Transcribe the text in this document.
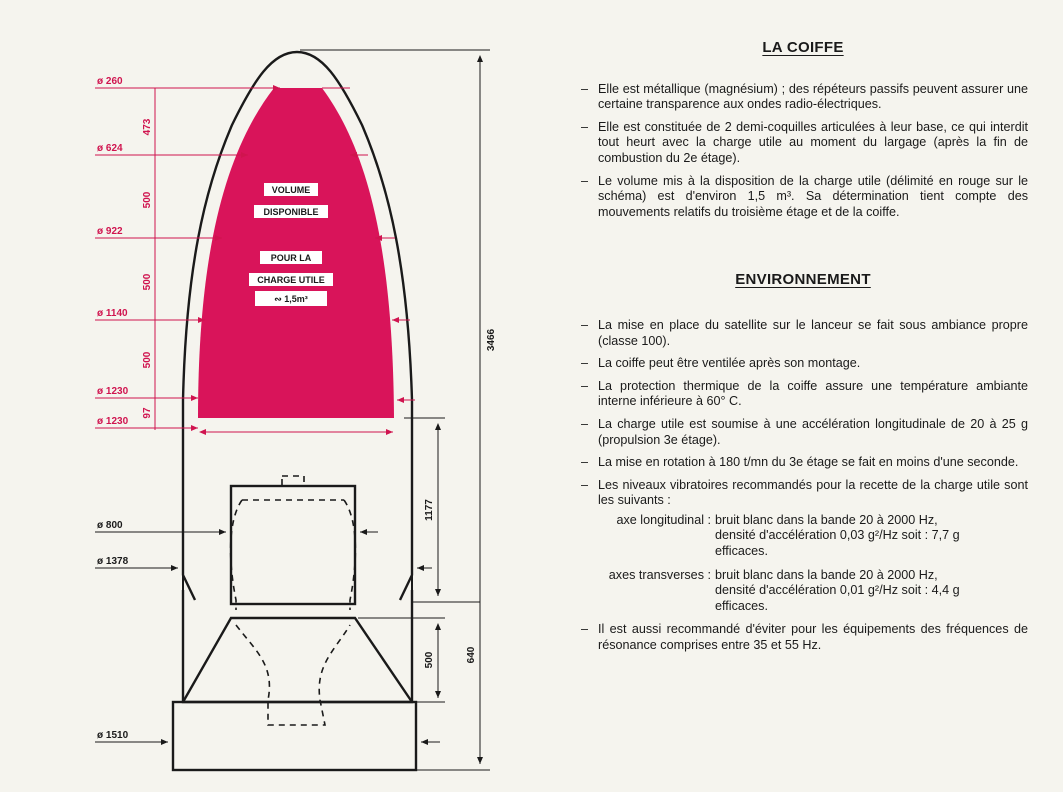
ø 260
ø 624
ø 922
ø 1140
ø 1230
ø 1230
473
500
500
500
97
VOLUME
DISPONIBLE
POUR LA
CHARGE UTILE
∾ 1,5m³
3466
1177
640
500
ø 800
ø 1378
ø 1510
LA COIFFE
– Elle est métallique (magnésium) ; des répéteurs passifs peuvent assurer une certaine transparence aux ondes radio-électriques.
– Elle est constituée de 2 demi-coquilles articulées à leur base, ce qui interdit tout heurt avec la charge utile au moment du largage (après la fin de combustion du 2e étage).
– Le volume mis à la disposition de la charge utile (délimité en rouge sur le schéma) est d'environ 1,5 m³. Sa détermination tient compte des mouvements relatifs du troisième étage et de la coiffe.
ENVIRONNEMENT
– La mise en place du satellite sur le lanceur se fait sous ambiance propre (classe 100).
– La coiffe peut être ventilée après son montage.
– La protection thermique de la coiffe assure une température ambiante interne inférieure à 60° C.
– La charge utile est soumise à une accélération longitudinale de 20 à 25 g (propulsion 3e étage).
– La mise en rotation à 180 t/mn du 3e étage se fait en moins d'une seconde.
– Les niveaux vibratoires recommandés pour la recette de la charge utile sont les suivants :
axe longitudinal : bruit blanc dans la bande 20 à 2000 Hz, densité d'accélération 0,03 g²/Hz soit : 7,7 g efficaces.
axes transverses : bruit blanc dans la bande 20 à 2000 Hz, densité d'accélération 0,01 g²/Hz soit : 4,4 g efficaces.
– Il est aussi recommandé d'éviter pour les équipements des fréquences de résonance comprises entre 35 et 55 Hz.
